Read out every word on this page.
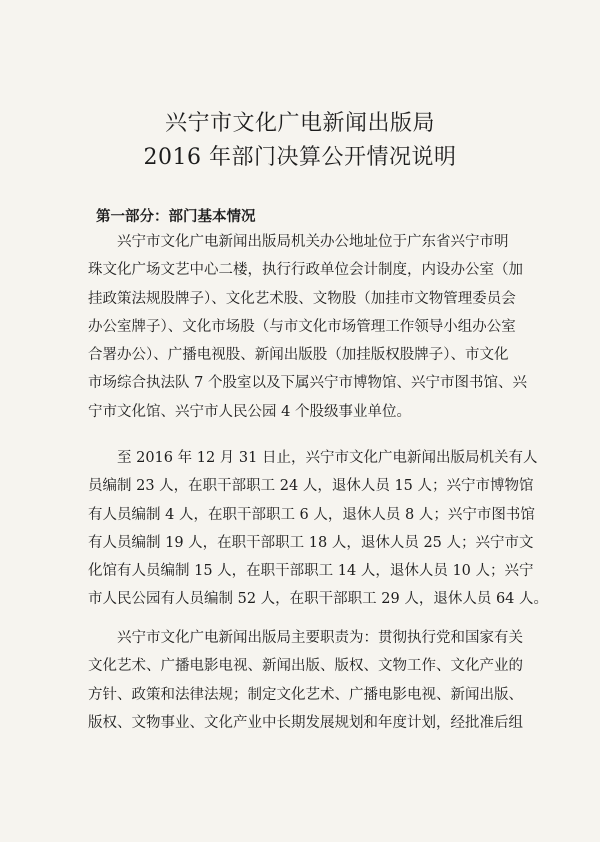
兴宁市文化广电新闻出版局
2016 年部门决算公开情况说明
第一部分：部门基本情况

兴宁市文化广电新闻出版局机关办公地址位于广东省兴宁市明
珠文化广场文艺中心二楼，执行行政单位会计制度，内设办公室（加
挂政策法规股牌子）、文化艺术股、文物股（加挂市文物管理委员会
办公室牌子）、文化市场股（与市文化市场管理工作领导小组办公室
合署办公）、广播电视股、新闻出版股（加挂版权股牌子）、市文化
市场综合执法队 7 个股室以及下属兴宁市博物馆、兴宁市图书馆、兴
宁市文化馆、兴宁市人民公园 4 个股级事业单位。

至 2016 年 12 月 31 日止，兴宁市文化广电新闻出版局机关有人
员编制 23 人，在职干部职工 24 人，退休人员 15 人；兴宁市博物馆
有人员编制 4 人，在职干部职工 6 人，退休人员 8 人；兴宁市图书馆
有人员编制 19 人，在职干部职工 18 人，退休人员 25 人；兴宁市文
化馆有人员编制 15 人，在职干部职工 14 人，退休人员 10 人；兴宁
市人民公园有人员编制 52 人，在职干部职工 29 人，退休人员 64 人。

兴宁市文化广电新闻出版局主要职责为：贯彻执行党和国家有关
文化艺术、广播电影电视、新闻出版、版权、文物工作、文化产业的
方针、政策和法律法规；制定文化艺术、广播电影电视、新闻出版、
版权、文物事业、文化产业中长期发展规划和年度计划，经批准后组
